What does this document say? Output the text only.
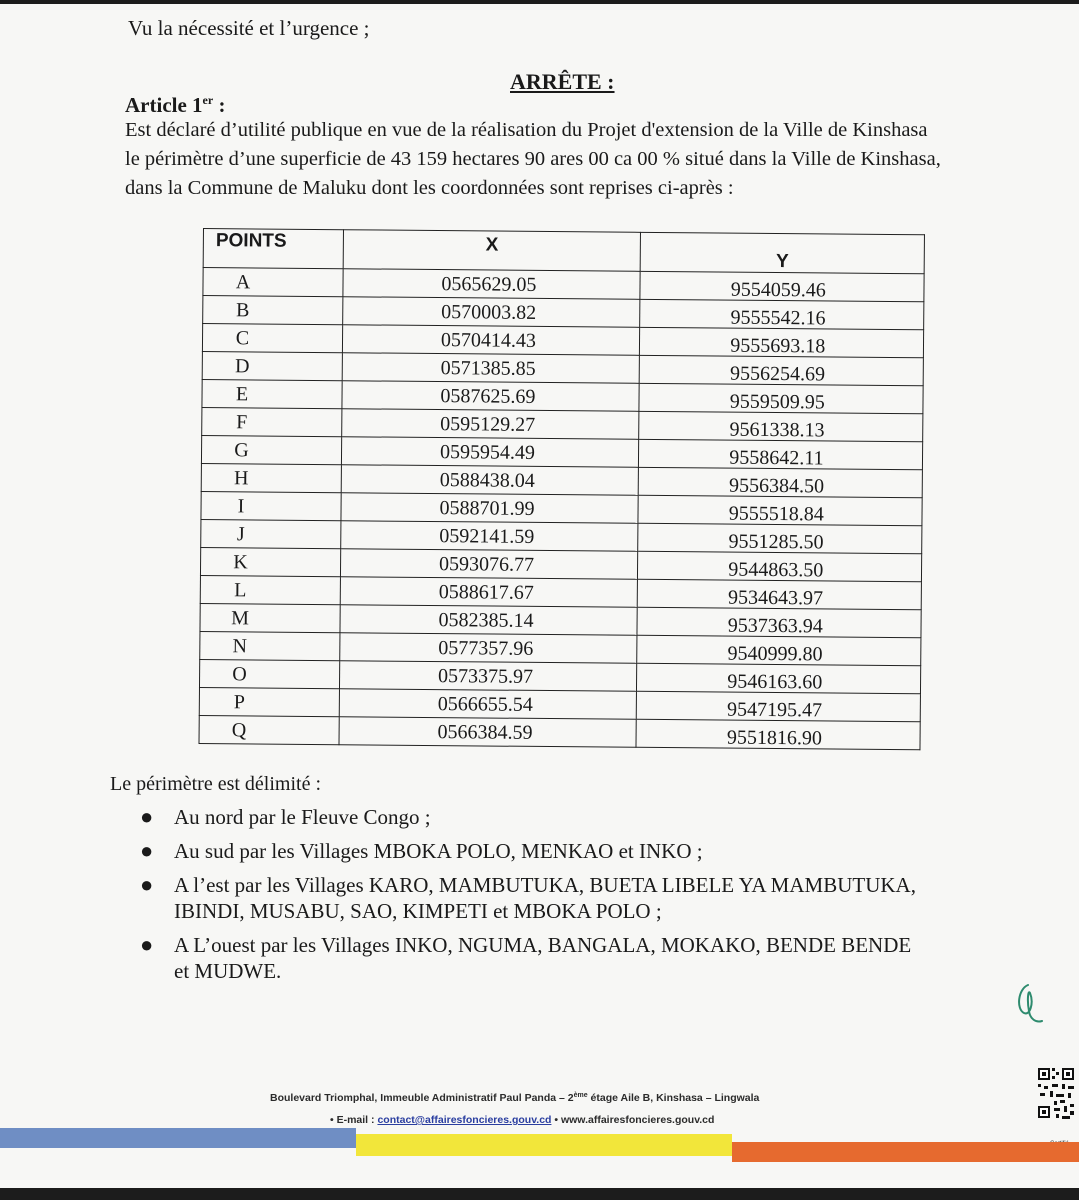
Vu la nécessité et l’urgence ;
ARRÊTE :
Article 1er :
Est déclaré d’utilité publique en vue de la réalisation du Projet d'extension de la Ville de Kinshasa
le périmètre d’une superficie de 43 159 hectares 90 ares 00 ca 00 % situé dans la Ville de Kinshasa,
dans la Commune de Maluku dont les coordonnées sont reprises ci-après :
POINTS	X	Y
A	0565629.05	9554059.46
B	0570003.82	9555542.16
C	0570414.43	9555693.18
D	0571385.85	9556254.69
E	0587625.69	9559509.95
F	0595129.27	9561338.13
G	0595954.49	9558642.11
H	0588438.04	9556384.50
I	0588701.99	9555518.84
J	0592141.59	9551285.50
K	0593076.77	9544863.50
L	0588617.67	9534643.97
M	0582385.14	9537363.94
N	0577357.96	9540999.80
O	0573375.97	9546163.60
P	0566655.54	9547195.47
Q	0566384.59	9551816.90
Le périmètre est délimité :
● Au nord par le Fleuve Congo ;
● Au sud par les Villages MBOKA POLO, MENKAO et INKO ;
● A l’est par les Villages KARO, MAMBUTUKA, BUETA LIBELE YA MAMBUTUKA,
IBINDI, MUSABU, SAO, KIMPETI et MBOKA POLO ;
● A L’ouest par les Villages INKO, NGUMA, BANGALA, MOKAKO, BENDE BENDE
et MUDWE.
Boulevard Triomphal, Immeuble Administratif Paul Panda – 2ème étage Aile B, Kinshasa – Lingwala
• E-mail : contact@affairesfoncieres.gouv.cd • www.affairesfoncieres.gouv.cd
